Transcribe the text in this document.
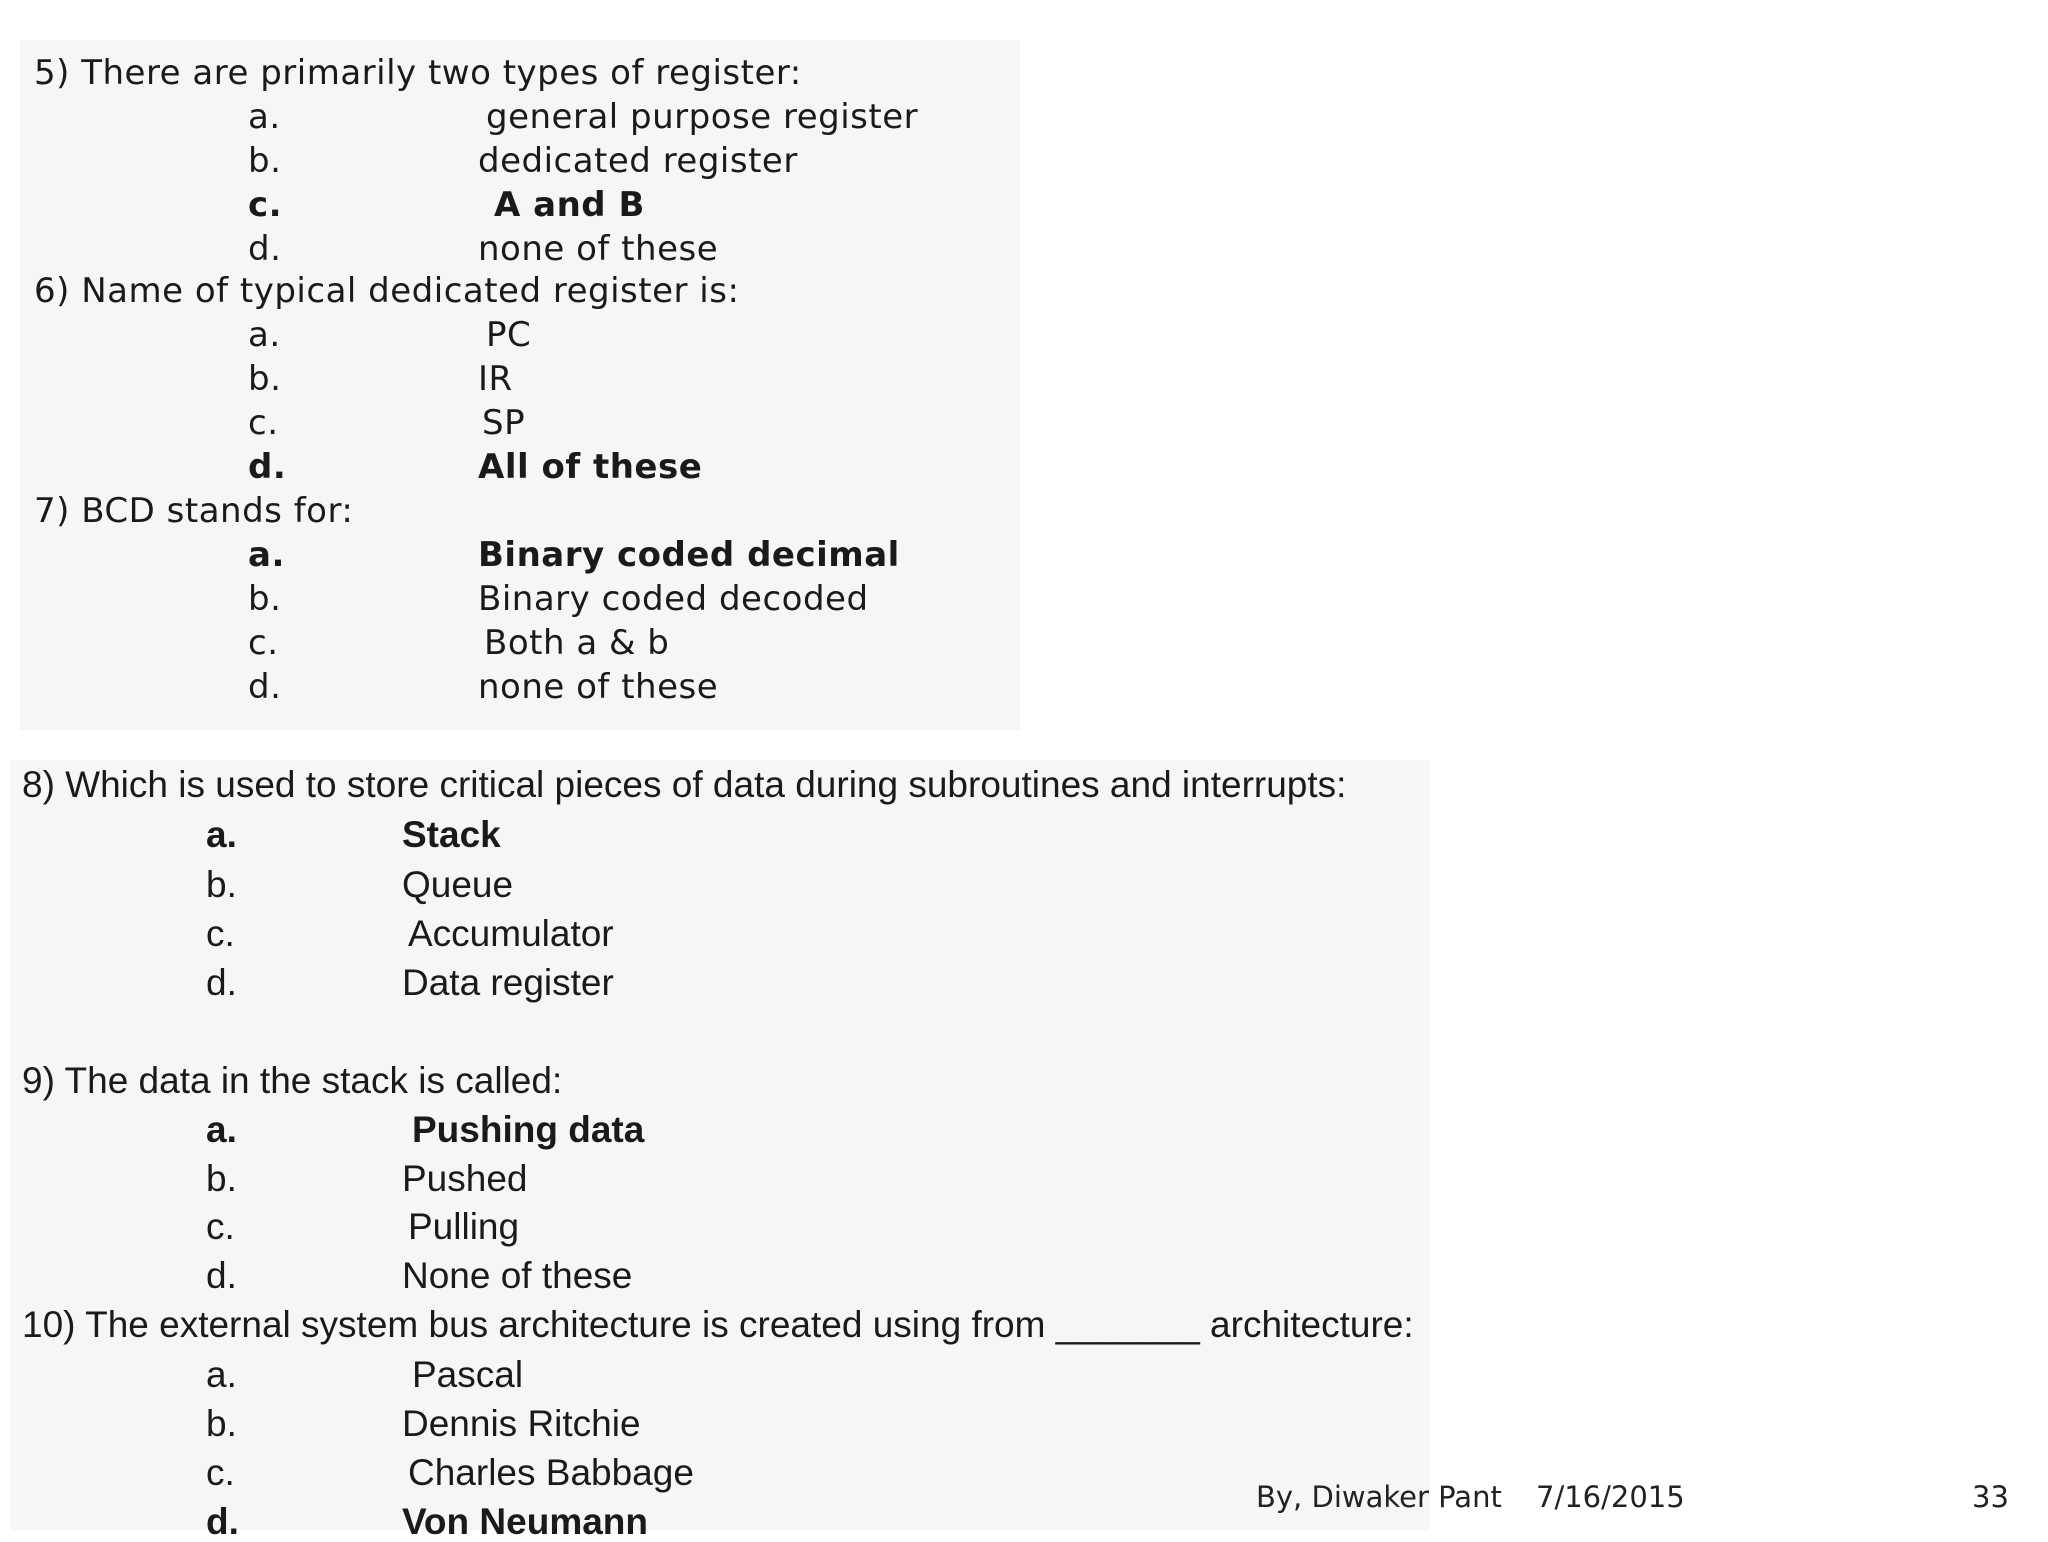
5) There are primarily two types of register:
a.	general purpose register
b.	dedicated register
c.	A and B
d.	none of these
6) Name of typical dedicated register is:
a.	PC
b.	IR
c.	SP
d.	All of these
7) BCD stands for:
a.	Binary coded decimal
b.	Binary coded decoded
c.	Both a & b
d.	none of these
8) Which is used to store critical pieces of data during subroutines and interrupts:
a.	Stack
b.	Queue
c.	Accumulator
d.	Data register
9) The data in the stack is called:
a.	Pushing data
b.	Pushed
c.	Pulling
d.	None of these
10) The external system bus architecture is created using from _______ architecture:
a.	Pascal
b.	Dennis Ritchie
c.	Charles Babbage
d.	Von Neumann
By, Diwaker Pant 7/16/2015	33
